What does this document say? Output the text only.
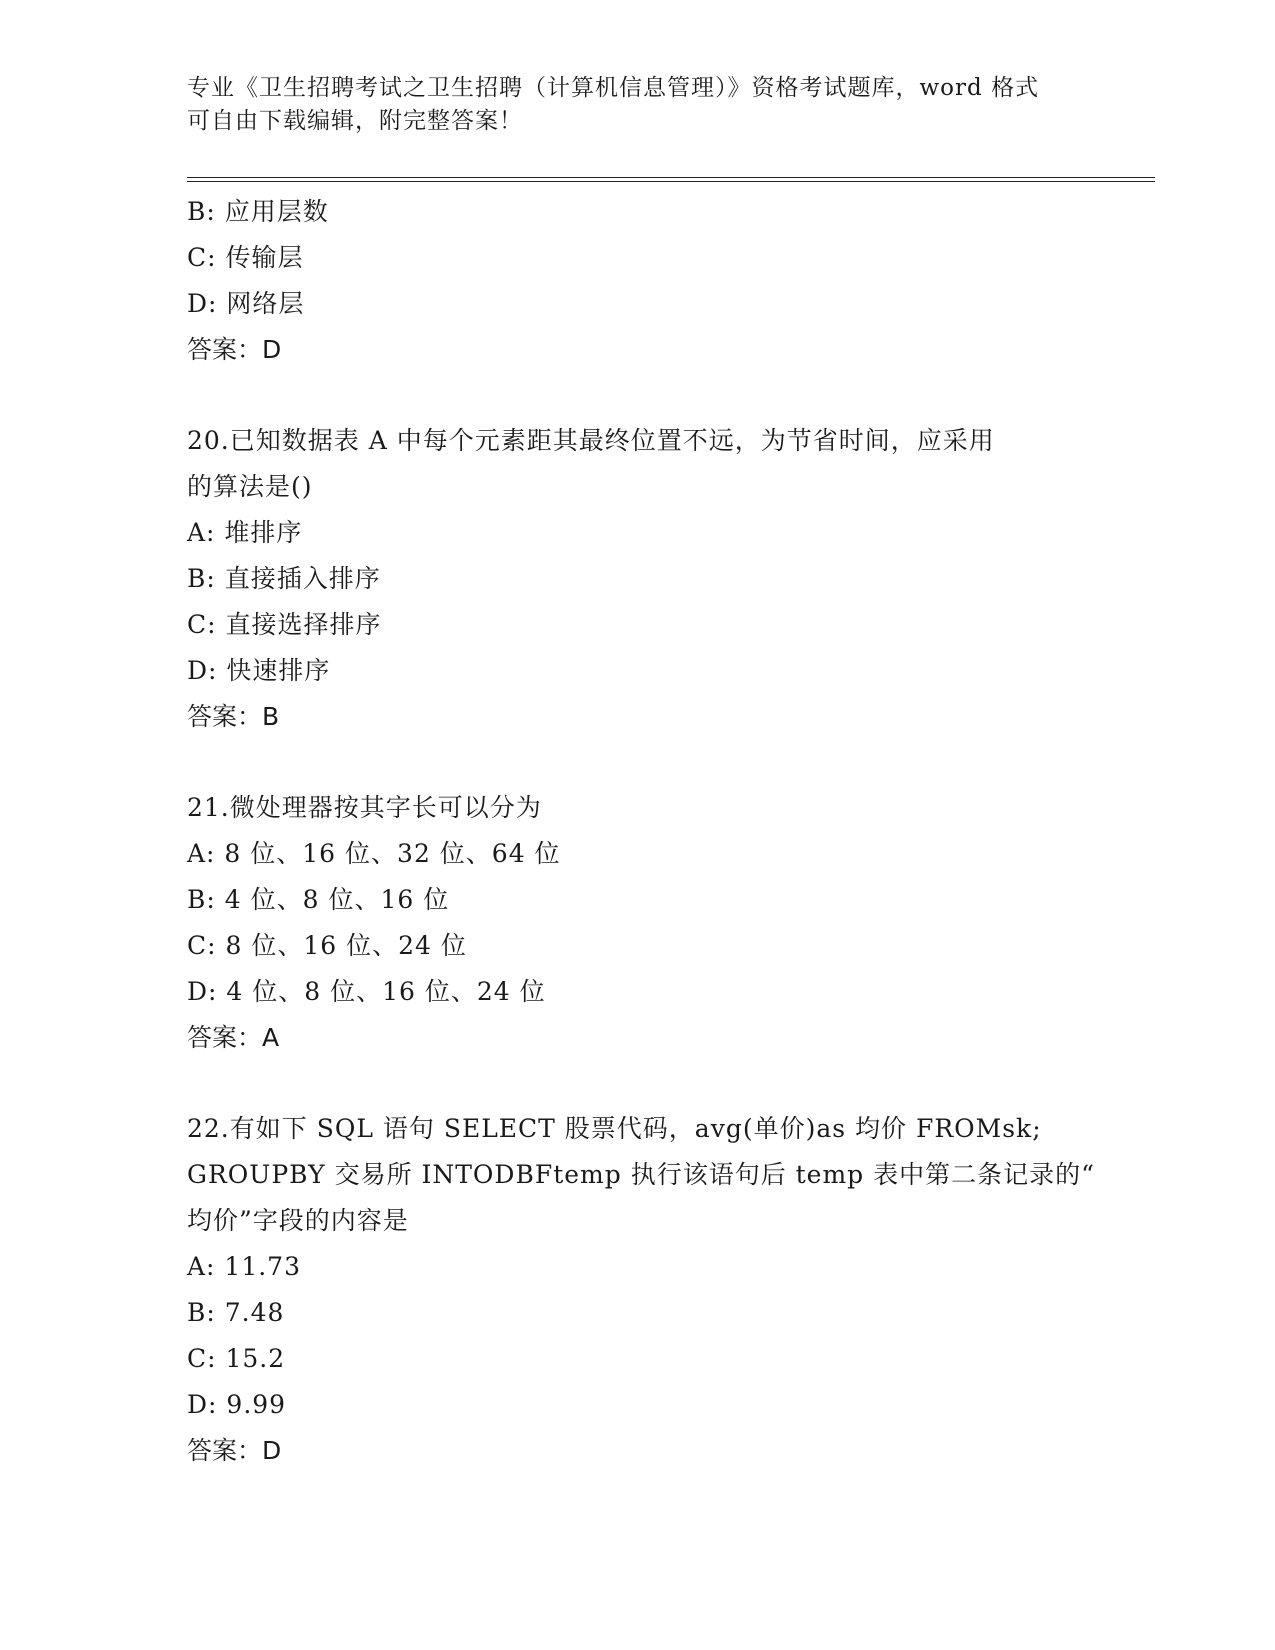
专业《卫生招聘考试之卫生招聘（计算机信息管理）》资格考试题库，word 格式
可自由下载编辑，附完整答案！
B: 应用层数
C: 传输层
D: 网络层
答案：D
20.已知数据表 A 中每个元素距其最终位置不远，为节省时间，应采用
的算法是()
A: 堆排序
B: 直接插入排序
C: 直接选择排序
D: 快速排序
答案：B
21.微处理器按其字长可以分为
A: 8 位、16 位、32 位、64 位
B: 4 位、8 位、16 位
C: 8 位、16 位、24 位
D: 4 位、8 位、16 位、24 位
答案：A
22.有如下 SQL 语句 SELECT 股票代码，avg(单价)as 均价 FROMsk;
GROUPBY 交易所 INTODBFtemp 执行该语句后 temp 表中第二条记录的“
均价”字段的内容是
A: 11.73
B: 7.48
C: 15.2
D: 9.99
答案：D
